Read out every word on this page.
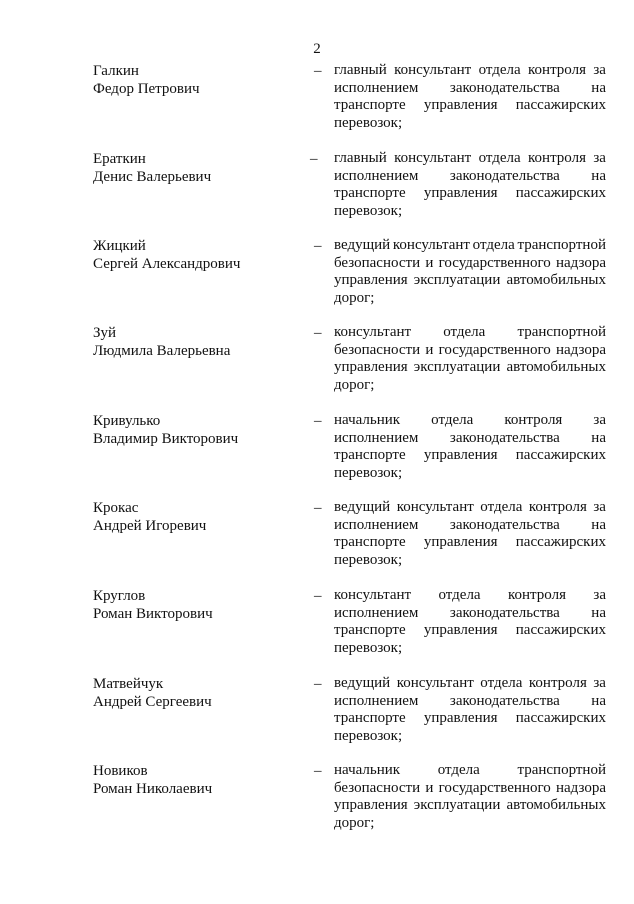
2
Галкин
Федор Петрович
– главный консультант отдела контроля за
исполнением законодательства на
транспорте управления пассажирских
перевозок;
Ераткин
Денис Валерьевич
– главный консультант отдела контроля за
исполнением законодательства на
транспорте управления пассажирских
перевозок;
Жицкий
Сергей Александрович
– ведущий консультант отдела транспортной
безопасности и государственного надзора
управления эксплуатации автомобильных
дорог;
Зуй
Людмила Валерьевна
– консультант отдела транспортной
безопасности и государственного надзора
управления эксплуатации автомобильных
дорог;
Кривулько
Владимир Викторович
– начальник отдела контроля за
исполнением законодательства на
транспорте управления пассажирских
перевозок;
Крокас
Андрей Игоревич
– ведущий консультант отдела контроля за
исполнением законодательства на
транспорте управления пассажирских
перевозок;
Круглов
Роман Викторович
– консультант отдела контроля за
исполнением законодательства на
транспорте управления пассажирских
перевозок;
Матвейчук
Андрей Сергеевич
– ведущий консультант отдела контроля за
исполнением законодательства на
транспорте управления пассажирских
перевозок;
Новиков
Роман Николаевич
– начальник	отдела	транспортной
безопасности и государственного надзора
управления эксплуатации автомобильных
дорог;
